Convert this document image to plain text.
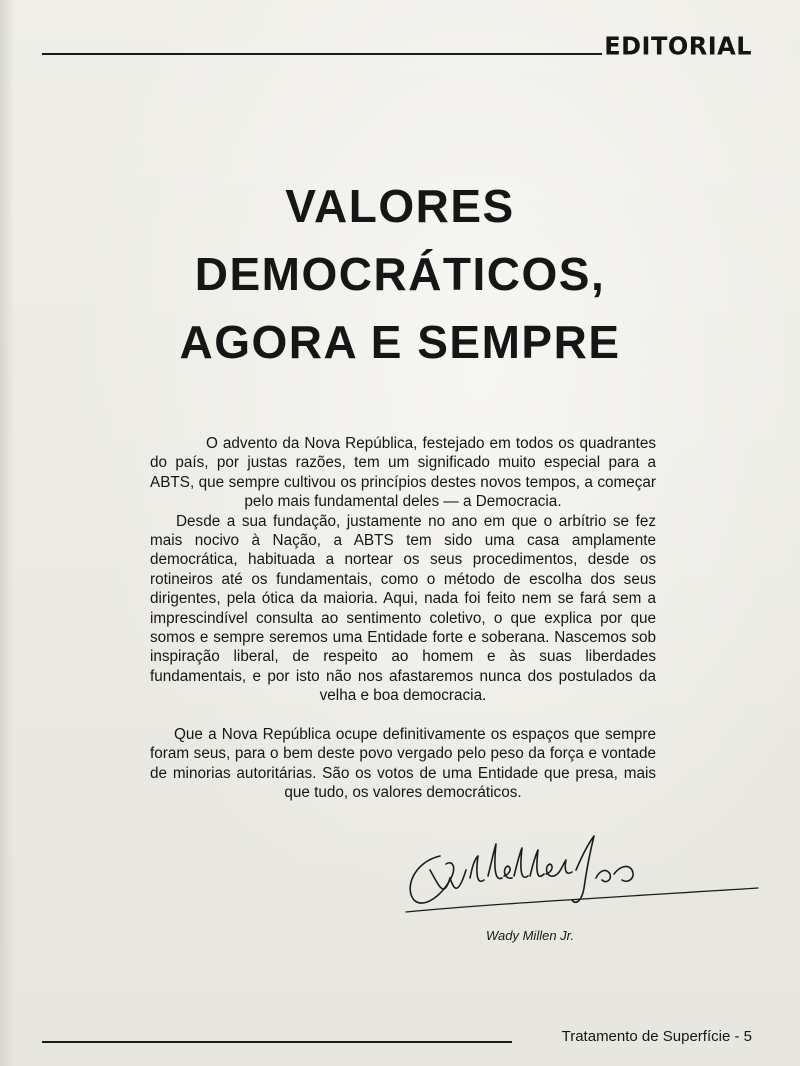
EDITORIAL
VALORES
DEMOCRÁTICOS,
AGORA E SEMPRE

O advento da Nova República, festejado em todos os quadrantes do país, por justas razões, tem um significado muito especial para a ABTS, que sempre cultivou os princípios destes novos tempos, a começar pelo mais fundamental deles — a Democracia.

Desde a sua fundação, justamente no ano em que o arbítrio se fez mais nocivo à Nação, a ABTS tem sido uma casa amplamente democrática, habituada a nortear os seus procedimentos, desde os rotineiros até os fundamentais, como o método de escolha dos seus dirigentes, pela ótica da maioria. Aqui, nada foi feito nem se fará sem a imprescindível consulta ao sentimento coletivo, o que explica por que somos e sempre seremos uma Entidade forte e soberana. Nascemos sob inspiração liberal, de respeito ao homem e às suas liberdades fundamentais, e por isto não nos afastaremos nunca dos postulados da velha e boa democracia.

Que a Nova República ocupe definitivamente os espaços que sempre foram seus, para o bem deste povo vergado pelo peso da força e vontade de minorias autoritárias. São os votos de uma Entidade que presa, mais que tudo, os valores democráticos.

Wady Millen Jr.
Tratamento de Superfície - 5
